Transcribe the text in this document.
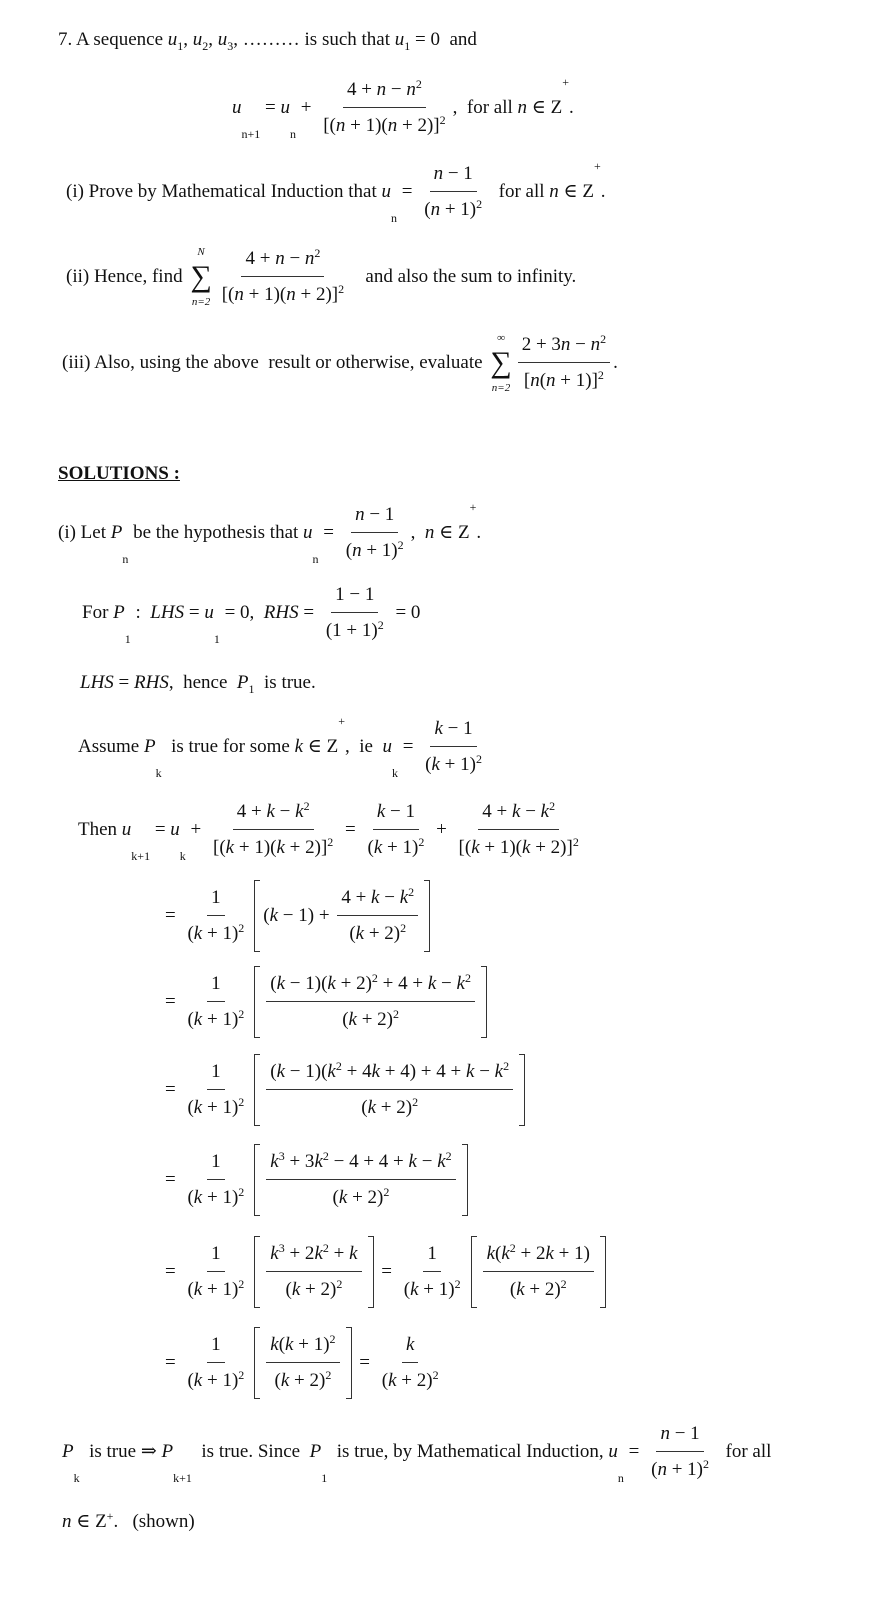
7. A sequence $u_1$ , $u_2$ , $u_3$ , ……… is such that $u_1 = 0$  and
u
n+1
= u
n
+ $\frac{4 + n - n^2}{[( n + 1)( n + 2)]^2}$ ,  for all n ∈ Z
+
.
(i) Prove by Mathematical Induction that u
n
= $\frac{n - 1}{( n + 1)^2}$ for all n ∈ Z
+
.
(ii) Hence, find
N
∑
$n=2 \frac{4 + n - n^2}{[( n + 1)( n + 2)]^2}$ and also the sum to infinity.
(iii) Also, using the above  result or otherwise, evaluate
∞
∑
$n=2 \frac{2 + 3 n - n^2}{[ n ( n + 1)]^2}$ .
SOLUTIONS :
(i) Let P
n
be the hypothesis that u
n
= $\frac{n - 1}{( n + 1)^2}$ , n ∈ Z
+
.
For P
1
: LHS = u
1
= 0, RHS = $\frac{1 - 1}{(1 + 1)^2} = 0$
LHS = RHS ,  hence $P_1$ is true.
Assume P
k
is true for some k ∈ Z
+
,  ie u
k
= $\frac{k - 1}{( k + 1)^2}$
Then u
k+1
= u
k
+ $\frac{4 + k - k^2}{[( k + 1)( k + 2)]^2} = \frac{k - 1}{( k + 1)^2} + \frac{4 + k - k^2}{[( k + 1)( k + 2)]^2}$
= $\frac{1}{( k + 1)^2}$ ( $k - 1) + \frac{4 + k - k^2}{( k + 2)^2}$
= $\frac{1}{( k + 1)^2} \frac{( k - 1)( k + 2)^2 + 4 + k - k^2}{( k + 2)^2}$
= $\frac{1}{( k + 1)^2} \frac{( k - 1)( k^2 + 4 k + 4) + 4 + k - k^2}{( k + 2)^2}$
= $\frac{1}{( k + 1)^2} \frac{k^3 + 3 k^2 - 4 + 4 + k - k^2}{( k + 2)^2}$
= $\frac{1}{( k + 1)^2} \frac{k^3 + 2 k^2 + k}{( k + 2)^2} = \frac{1}{( k + 1)^2} \frac{k ( k^2 + 2 k + 1)}{( k + 2)^2}$
= $\frac{1}{( k + 1)^2} \frac{k ( k + 1)^2}{( k + 2)^2} = \frac{k}{( k + 2)^2}$
P
k
is true ⇒ P
k+1
is true. Since P
1
is true, by Mathematical Induction, u
n
= $\frac{n - 1}{( n + 1)^2}$ for all
n ∈ Z+ .   (shown)
